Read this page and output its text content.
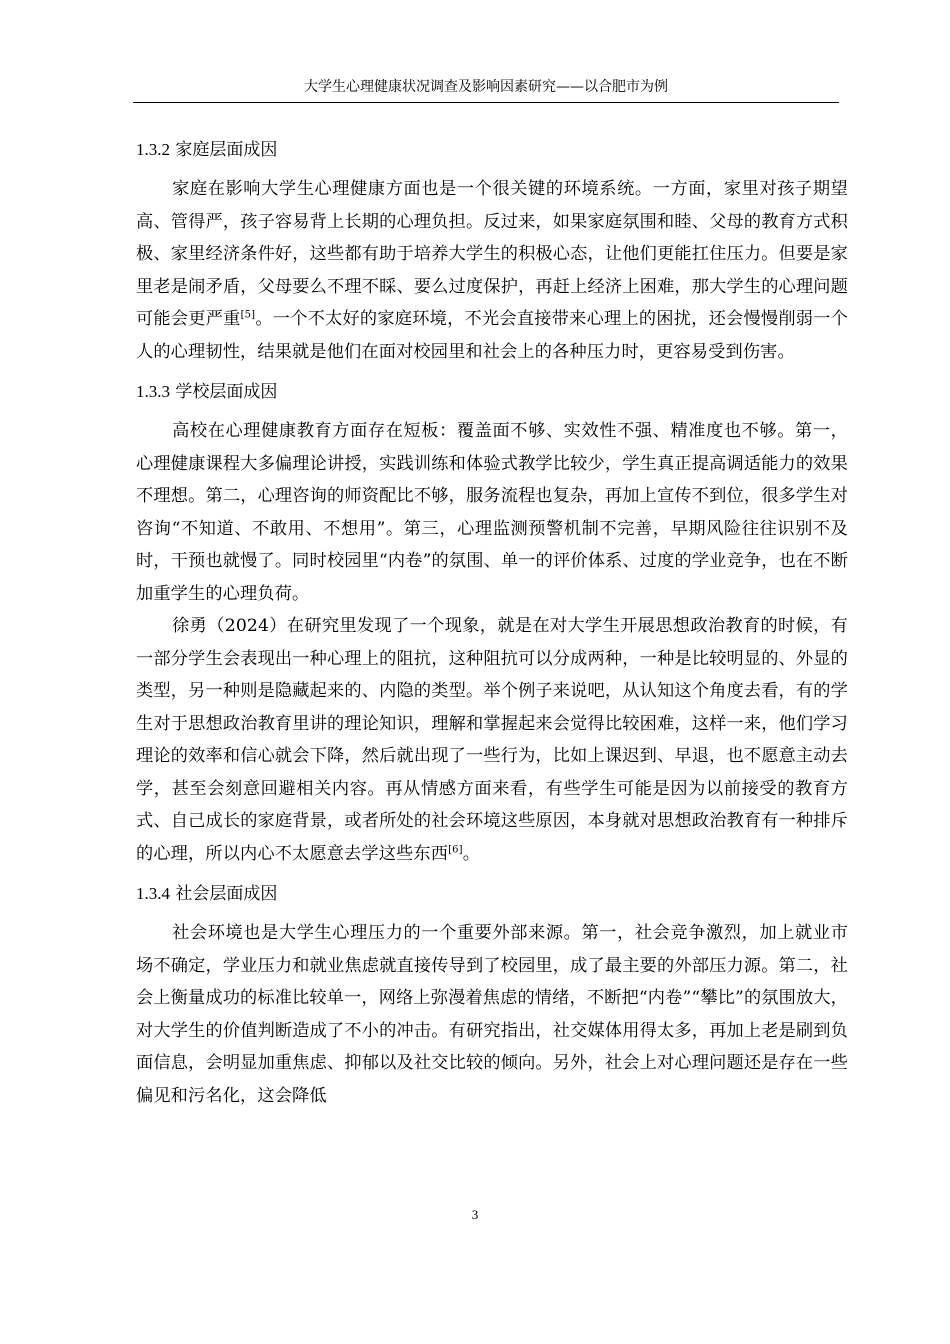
大学生心理健康状况调查及影响因素研究——以合肥市为例
1.3.2 家庭层面成因

家庭在影响大学生心理健康方面也是一个很关键的环境系统。一方面，家里对孩子期望高、管得严，孩子容易背上长期的心理负担。反过来，如果家庭氛围和睦、父母的教育方式积极、家里经济条件好，这些都有助于培养大学生的积极心态，让他们更能扛住压力。但要是家里老是闹矛盾，父母要么不理不睬、要么过度保护，再赶上经济上困难，那大学生的心理问题可能会更严重[5]。一个不太好的家庭环境，不光会直接带来心理上的困扰，还会慢慢削弱一个人的心理韧性，结果就是他们在面对校园里和社会上的各种压力时，更容易受到伤害。

1.3.3 学校层面成因

高校在心理健康教育方面存在短板：覆盖面不够、实效性不强、精准度也不够。第一，心理健康课程大多偏理论讲授，实践训练和体验式教学比较少，学生真正提高调适能力的效果不理想。第二，心理咨询的师资配比不够，服务流程也复杂，再加上宣传不到位，很多学生对咨询“不知道、不敢用、不想用”。第三，心理监测预警机制不完善，早期风险往往识别不及时，干预也就慢了。同时校园里“内卷”的氛围、单一的评价体系、过度的学业竞争，也在不断加重学生的心理负荷。

徐勇（2024）在研究里发现了一个现象，就是在对大学生开展思想政治教育的时候，有一部分学生会表现出一种心理上的阻抗，这种阻抗可以分成两种，一种是比较明显的、外显的类型，另一种则是隐藏起来的、内隐的类型。举个例子来说吧，从认知这个角度去看，有的学生对于思想政治教育里讲的理论知识，理解和掌握起来会觉得比较困难，这样一来，他们学习理论的效率和信心就会下降，然后就出现了一些行为，比如上课迟到、早退，也不愿意主动去学，甚至会刻意回避相关内容。再从情感方面来看，有些学生可能是因为以前接受的教育方式、自己成长的家庭背景，或者所处的社会环境这些原因，本身就对思想政治教育有一种排斥的心理，所以内心不太愿意去学这些东西[6]。

1.3.4 社会层面成因

社会环境也是大学生心理压力的一个重要外部来源。第一，社会竞争激烈，加上就业市场不确定，学业压力和就业焦虑就直接传导到了校园里，成了最主要的外部压力源。第二，社会上衡量成功的标准比较单一，网络上弥漫着焦虑的情绪，不断把“内卷”“攀比”的氛围放大，对大学生的价值判断造成了不小的冲击。有研究指出，社交媒体用得太多，再加上老是刷到负面信息，会明显加重焦虑、抑郁以及社交比较的倾向。另外，社会上对心理问题还是存在一些偏见和污名化，这会降低

3
